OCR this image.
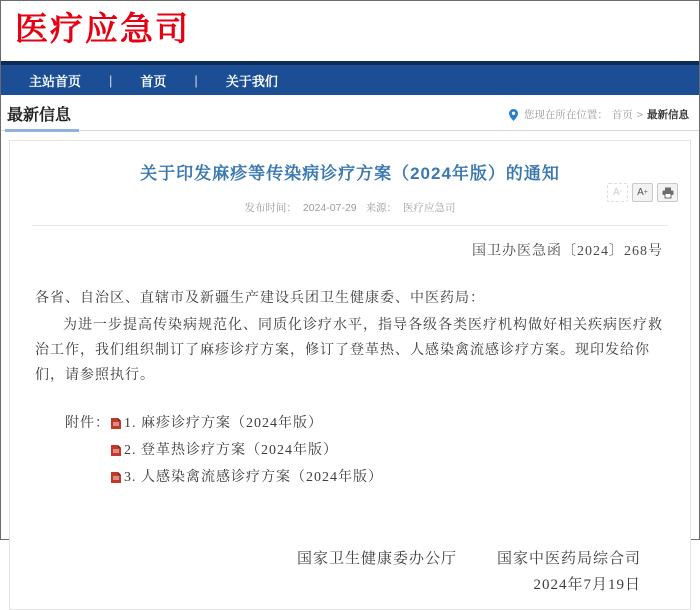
医疗应急司
主站首页	|	首页	|	关于我们
最新信息	您现在所在位置： 首页 > 最新信息
关于印发麻疹等传染病诊疗方案（2024年版）的通知
发布时间： 2024-07-29 来源： 医疗应急司
A -	A +
国卫办医急函〔2024〕268号
各省、自治区、直辖市及新疆生产建设兵团卫生健康委、中医药局：
为进一步提高传染病规范化、同质化诊疗水平，指导各级各类医疗机构做好相关疾病医疗救治工作，我们组织制订了麻疹诊疗方案，修订了登革热、人感染禽流感诊疗方案。现印发给你们，请参照执行。
附件： 1. 麻疹诊疗方案（2024年版）
2. 登革热诊疗方案（2024年版）
3. 人感染禽流感诊疗方案（2024年版）
国家卫生健康委办公厅	国家中医药局综合司
2024年7月19日
